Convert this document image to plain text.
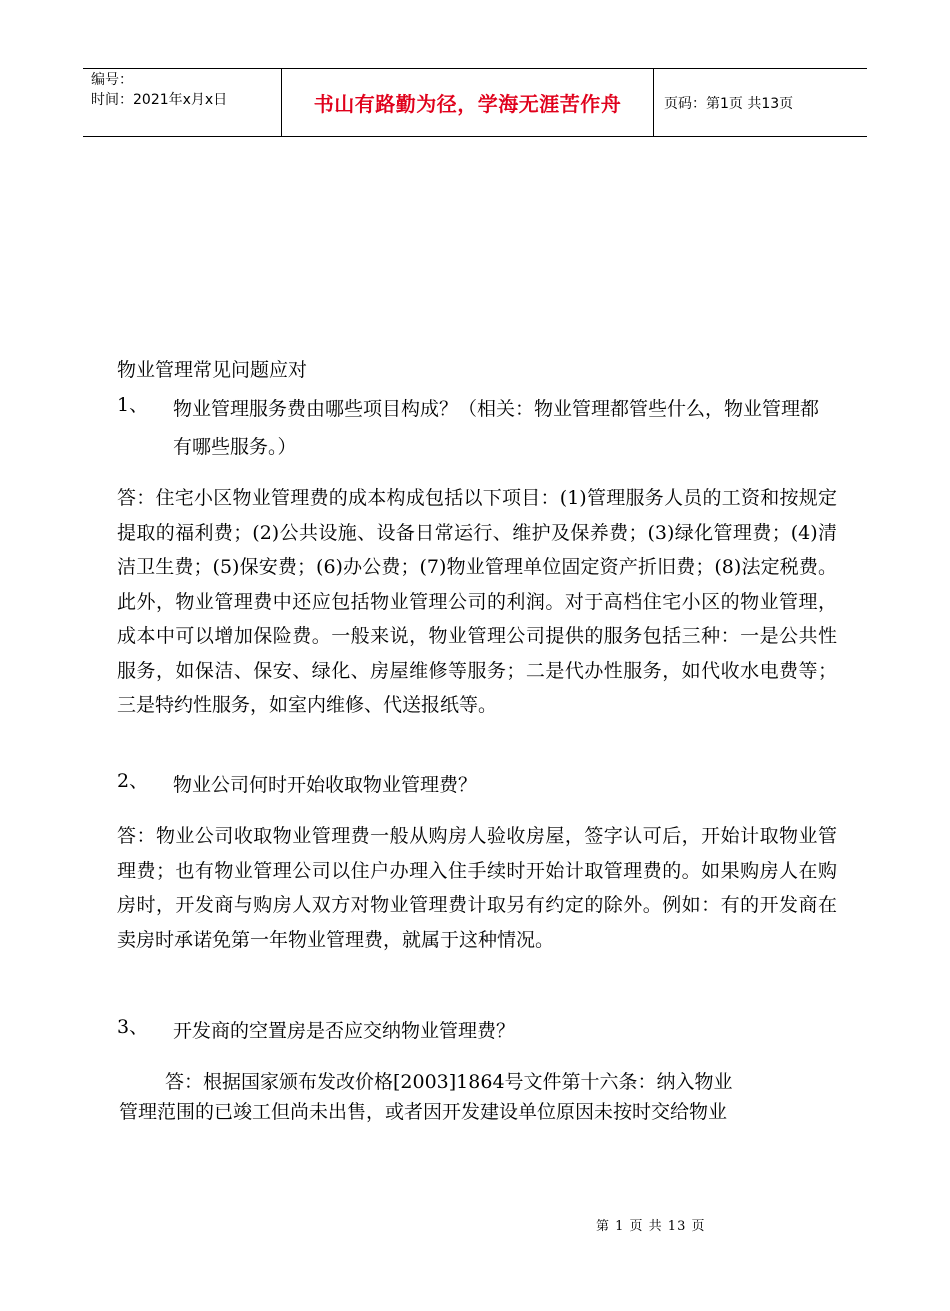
编号：
时间：2021年x月x日	书山有路勤为径，学海无涯苦作舟	页码：第1页 共13页
物业管理常见问题应对
1、	物业管理服务费由哪些项目构成？（相关：物业管理都管些什么，物业管理都有哪些服务。）
答：住宅小区物业管理费的成本构成包括以下项目：(1)管理服务人员的工资和按规定提取的福利费；(2)公共设施、设备日常运行、维护及保养费；(3)绿化管理费；(4)清洁卫生费；(5)保安费；(6)办公费；(7)物业管理单位固定资产折旧费；(8)法定税费。此外，物业管理费中还应包括物业管理公司的利润。对于高档住宅小区的物业管理，成本中可以增加保险费。一般来说，物业管理公司提供的服务包括三种：一是公共性服务，如保洁、保安、绿化、房屋维修等服务；二是代办性服务，如代收水电费等；三是特约性服务，如室内维修、代送报纸等。
2、	物业公司何时开始收取物业管理费？
答：物业公司收取物业管理费一般从购房人验收房屋，签字认可后，开始计取物业管理费；也有物业管理公司以住户办理入住手续时开始计取管理费的。如果购房人在购房时，开发商与购房人双方对物业管理费计取另有约定的除外。例如：有的开发商在卖房时承诺免第一年物业管理费，就属于这种情况。
3、	开发商的空置房是否应交纳物业管理费？
答：根据国家颁布发改价格[2003]1864号文件第十六条：纳入物业
管理范围的已竣工但尚未出售，或者因开发建设单位原因未按时交给物业
第 1 页 共 13 页
